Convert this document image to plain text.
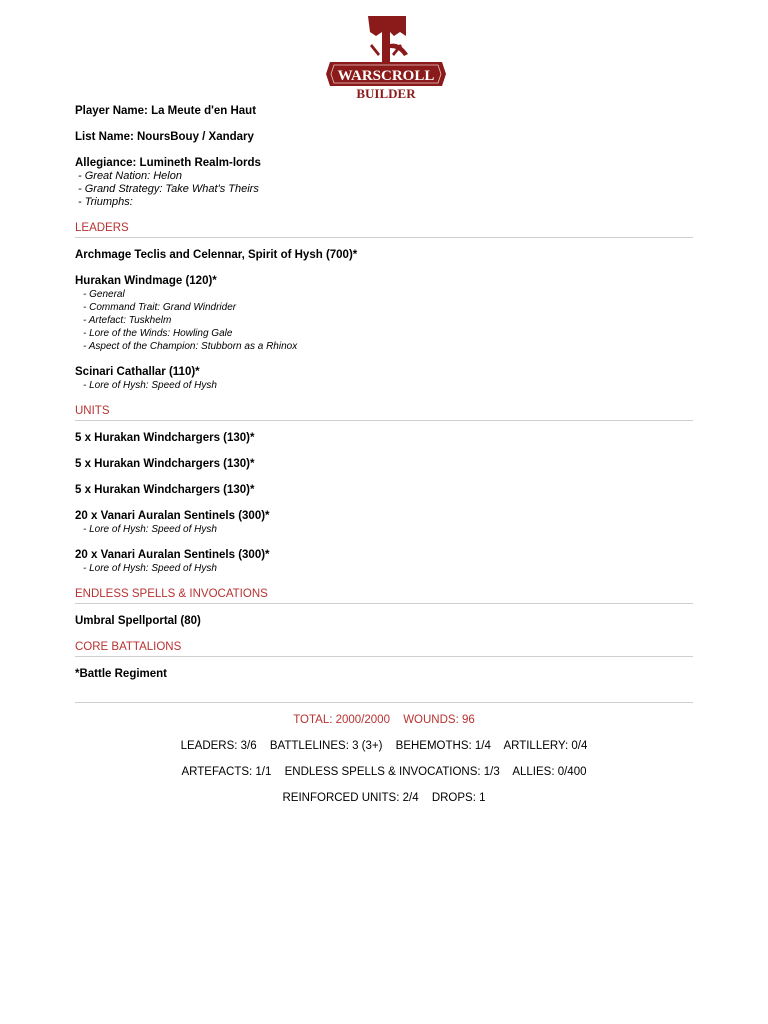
WARSCROLL
BUILDER

Player Name: La Meute d'en Haut

List Name: NoursBouy / Xandary

Allegiance: Lumineth Realm-lords

- Great Nation: Helon
- Grand Strategy: Take What's Theirs
- Triumphs:
LEADERS
Archmage Teclis and Celennar, Spirit of Hysh (700)*
Hurakan Windmage (120)*
- General
- Command Trait: Grand Windrider
- Artefact: Tuskhelm
- Lore of the Winds: Howling Gale
- Aspect of the Champion: Stubborn as a Rhinox
Scinari Cathallar (110)*
- Lore of Hysh: Speed of Hysh
UNITS
5 x Hurakan Windchargers (130)*
5 x Hurakan Windchargers (130)*
5 x Hurakan Windchargers (130)*
20 x Vanari Auralan Sentinels (300)*
- Lore of Hysh: Speed of Hysh
20 x Vanari Auralan Sentinels (300)*
- Lore of Hysh: Speed of Hysh
ENDLESS SPELLS & INVOCATIONS
Umbral Spellportal (80)
CORE BATTALIONS
*Battle Regiment
TOTAL: 2000/2000 WOUNDS: 96
LEADERS: 3/6 BATTLELINES: 3 (3+) BEHEMOTHS: 1/4 ARTILLERY: 0/4
ARTEFACTS: 1/1 ENDLESS SPELLS & INVOCATIONS: 1/3 ALLIES: 0/400
REINFORCED UNITS: 2/4 DROPS: 1
